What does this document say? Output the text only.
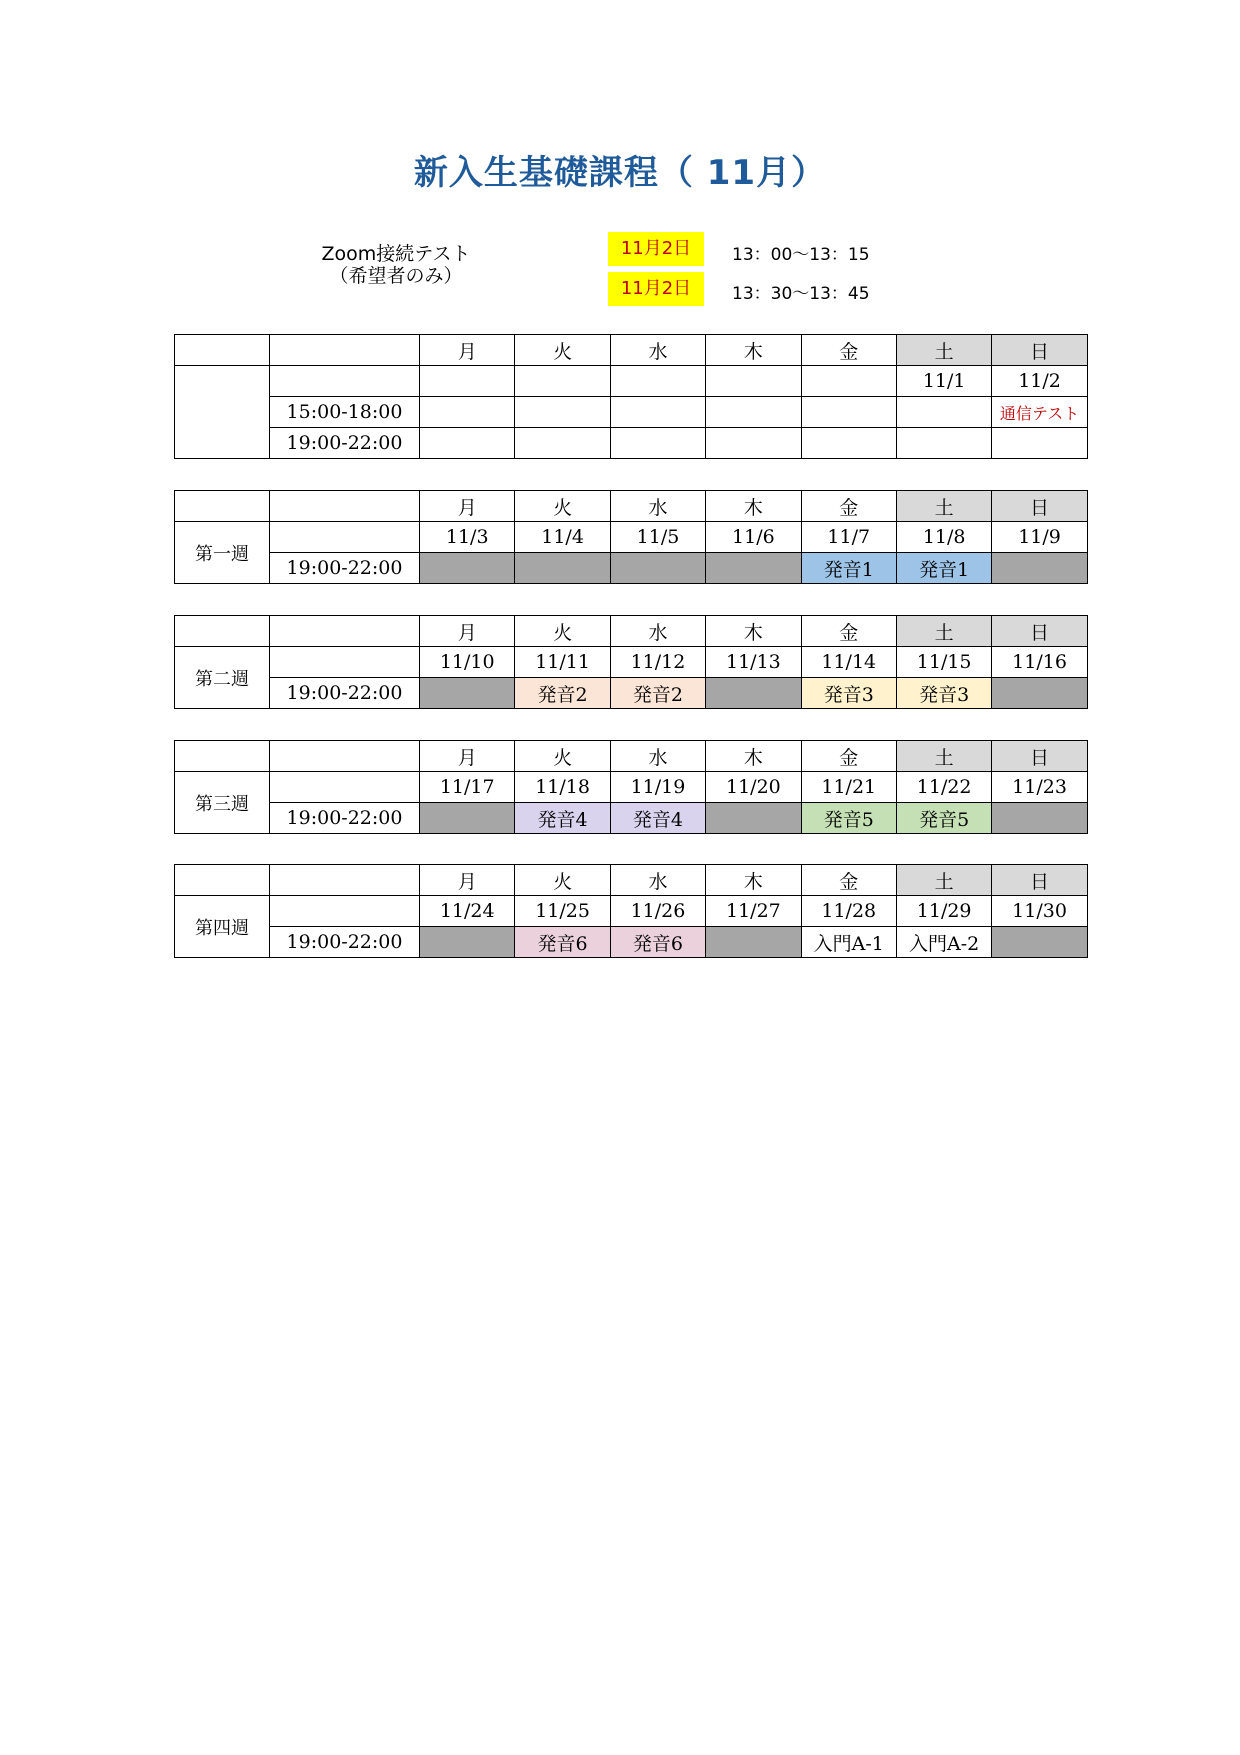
新入生基礎課程（ 11月）
Zoom接続テスト
（希望者のみ）
11月2日	13：00〜13：15
11月2日	13：30〜13：45
		月	火	水	木	金	土	日
							11/1	11/2
	15:00-18:00							通信テスト
	19:00-22:00							
		月	火	水	木	金	土	日
第一週		11/3	11/4	11/5	11/6	11/7	11/8	11/9
	19:00-22:00					発音1	発音1	
		月	火	水	木	金	土	日
第二週		11/10	11/11	11/12	11/13	11/14	11/15	11/16
	19:00-22:00		発音2	発音2		発音3	発音3	
		月	火	水	木	金	土	日
第三週		11/17	11/18	11/19	11/20	11/21	11/22	11/23
	19:00-22:00		発音4	発音4		発音5	発音5	
		月	火	水	木	金	土	日
第四週		11/24	11/25	11/26	11/27	11/28	11/29	11/30
	19:00-22:00		発音6	発音6		入門A-1	入門A-2	
